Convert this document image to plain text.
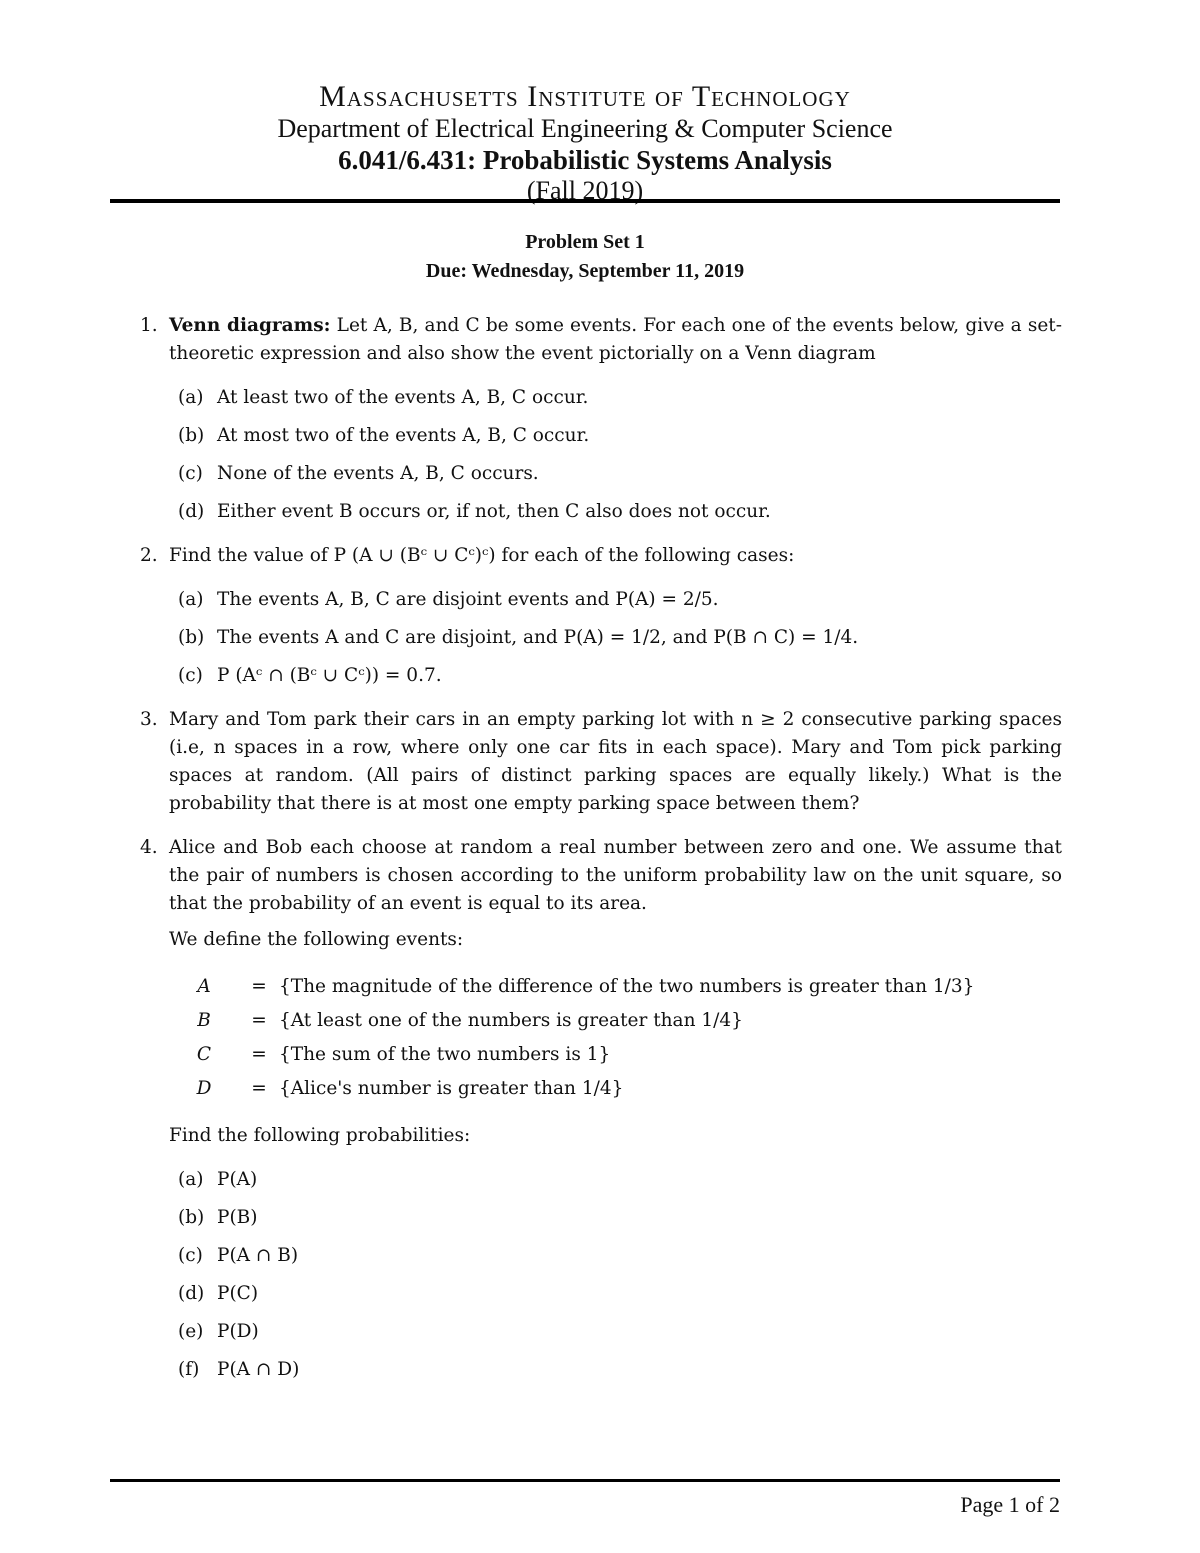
Massachusetts Institute of Technology
Department of Electrical Engineering & Computer Science
6.041/6.431: Probabilistic Systems Analysis
(Fall 2019)
Problem Set 1
Due: Wednesday, September 11, 2019
1. Venn diagrams: Let A, B, and C be some events. For each one of the events below, give a set-theoretic expression and also show the event pictorially on a Venn diagram
(a) At least two of the events A, B, C occur.
(b) At most two of the events A, B, C occur.
(c) None of the events A, B, C occurs.
(d) Either event B occurs or, if not, then C also does not occur.
2. Find the value of P (A ∪ (Bᶜ ∪ Cᶜ)ᶜ) for each of the following cases:
(a) The events A, B, C are disjoint events and P(A) = 2/5.
(b) The events A and C are disjoint, and P(A) = 1/2, and P(B ∩ C) = 1/4.
(c) P (Aᶜ ∩ (Bᶜ ∪ Cᶜ)) = 0.7.
3. Mary and Tom park their cars in an empty parking lot with n ≥ 2 consecutive parking spaces (i.e, n spaces in a row, where only one car fits in each space). Mary and Tom pick parking spaces at random. (All pairs of distinct parking spaces are equally likely.) What is the probability that there is at most one empty parking space between them?
4. Alice and Bob each choose at random a real number between zero and one. We assume that the pair of numbers is chosen according to the uniform probability law on the unit square, so that the probability of an event is equal to its area.
We define the following events:
A	= {The magnitude of the difference of the two numbers is greater than 1/3}
B	= {At least one of the numbers is greater than 1/4}
C	= {The sum of the two numbers is 1}
D	= {Alice's number is greater than 1/4}
Find the following probabilities:
(a) P(A)
(b) P(B)
(c) P(A ∩ B)
(d) P(C)
(e) P(D)
(f) P(A ∩ D)
Page 1 of 2
